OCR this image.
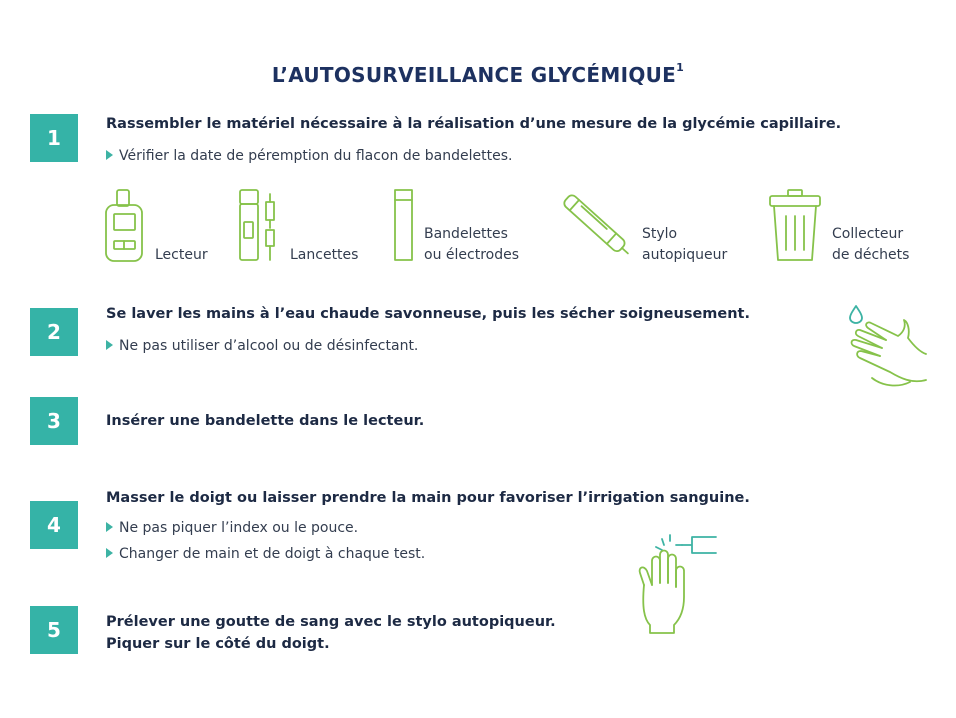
L’AUTOSURVEILLANCE GLYCÉMIQUE$^1$
1
Rassembler le matériel nécessaire à la réalisation d’une mesure de la glycémie capillaire.
Vérifier la date de péremption du flacon de bandelettes.
Lecteur	Lancettes
Bandelettes
ou électrodes
Stylo
autopiqueur
Collecteur
de déchets
2
Se laver les mains à l’eau chaude savonneuse, puis les sécher soigneusement.
Ne pas utiliser d’alcool ou de désinfectant.
3	Insérer une bandelette dans le lecteur.
4
Masser le doigt ou laisser prendre la main pour favoriser l’irrigation sanguine.
Ne pas piquer l’index ou le pouce.
Changer de main et de doigt à chaque test.
5	Prélever une goutte de sang avec le stylo autopiqueur.
Piquer sur le côté du doigt.
